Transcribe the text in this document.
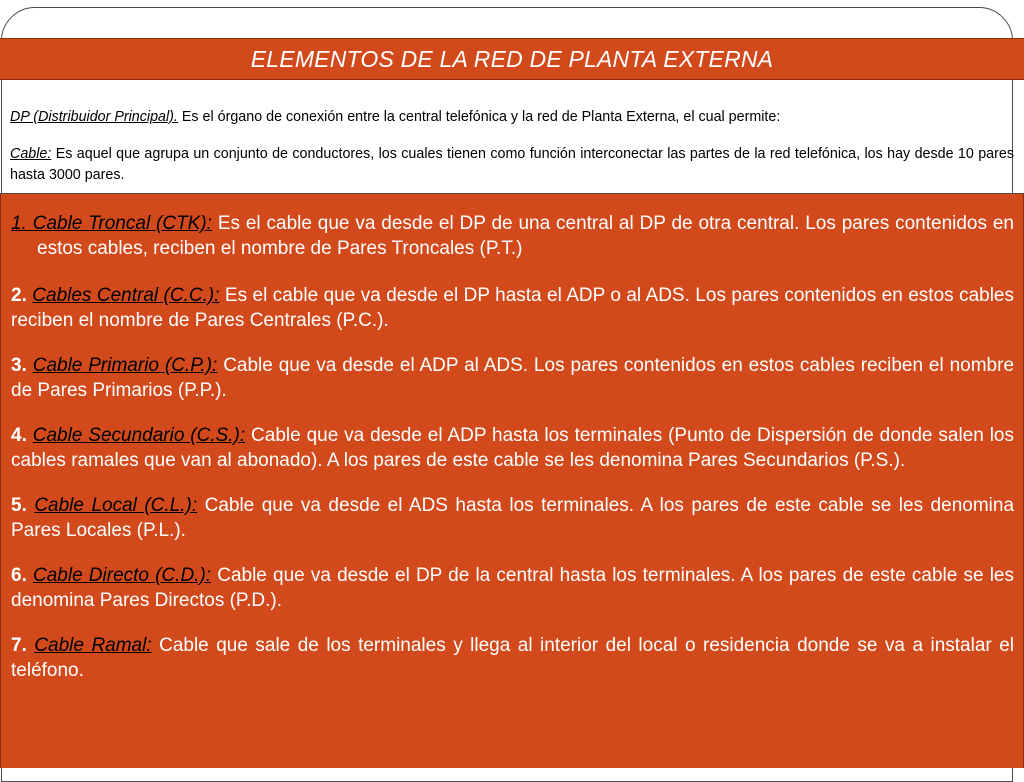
ELEMENTOS DE LA RED DE PLANTA EXTERNA

DP (Distribuidor Principal). Es el órgano de conexión entre la central telefónica y la red de Planta Externa, el cual permite:

Cable: Es aquel que agrupa un conjunto de conductores, los cuales tienen como función interconectar las partes de la red telefónica, los hay desde 10 pares hasta 3000 pares.

1. Cable Troncal (CTK): Es el cable que va desde el DP de una central al DP de otra central. Los pares contenidos en estos cables, reciben el nombre de Pares Troncales (P.T.)

2. Cables Central (C.C.): Es el cable que va desde el DP hasta el ADP o al ADS. Los pares contenidos en estos cables reciben el nombre de Pares Centrales (P.C.).

3. Cable Primario (C.P.): Cable que va desde el ADP al ADS. Los pares contenidos en estos cables reciben el nombre de Pares Primarios (P.P.).

4. Cable Secundario (C.S.): Cable que va desde el ADP hasta los terminales (Punto de Dispersión de donde salen los cables ramales que van al abonado). A los pares de este cable se les denomina Pares Secundarios (P.S.).

5. Cable Local (C.L.): Cable que va desde el ADS hasta los terminales. A los pares de este cable se les denomina Pares Locales (P.L.).

6. Cable Directo (C.D.): Cable que va desde el DP de la central hasta los terminales. A los pares de este cable se les denomina Pares Directos (P.D.).

7. Cable Ramal: Cable que sale de los terminales y llega al interior del local o residencia donde se va a instalar el teléfono.
